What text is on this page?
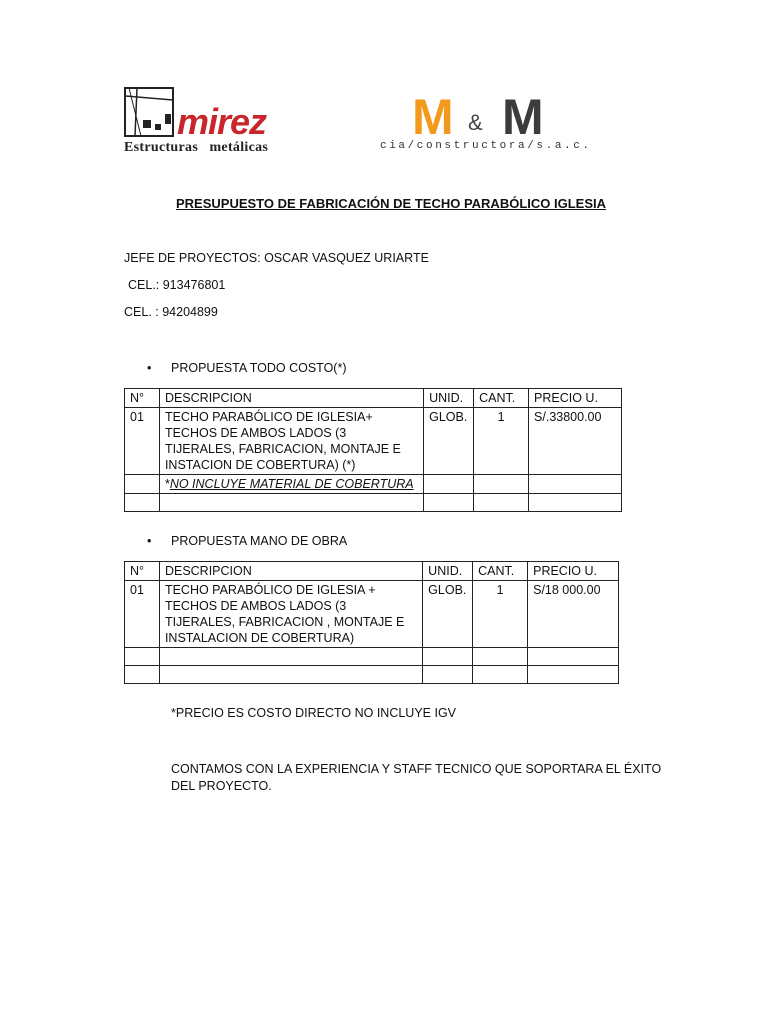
mirez
Estructuras   metálicas
M & M
cia/constructora/s.a.c.
PRESUPUESTO DE FABRICACIÓN DE TECHO PARABÓLICO IGLESIA
JEFE DE PROYECTOS: OSCAR VASQUEZ URIARTE
CEL.: 913476801
CEL. : 94204899
• PROPUESTA TODO COSTO(*)
N°	DESCRIPCION	UNID.	CANT.	PRECIO U.
01	TECHO PARABÓLICO DE IGLESIA+ TECHOS DE AMBOS LADOS (3 TIJERALES, FABRICACION, MONTAJE E INSTACION DE COBERTURA) (*)	GLOB.	1	S/.33800.00
	*NO INCLUYE MATERIAL DE COBERTURA			

• PROPUESTA MANO DE OBRA
N°	DESCRIPCION	UNID.	CANT.	PRECIO U.
01	TECHO PARABÓLICO DE IGLESIA + TECHOS DE AMBOS LADOS (3 TIJERALES, FABRICACION , MONTAJE E INSTALACION DE COBERTURA)	GLOB.	1	S/18 000.00

*PRECIO ES COSTO DIRECTO NO INCLUYE IGV
CONTAMOS CON LA EXPERIENCIA Y STAFF TECNICO QUE SOPORTARA EL ÉXITO DEL PROYECTO.
